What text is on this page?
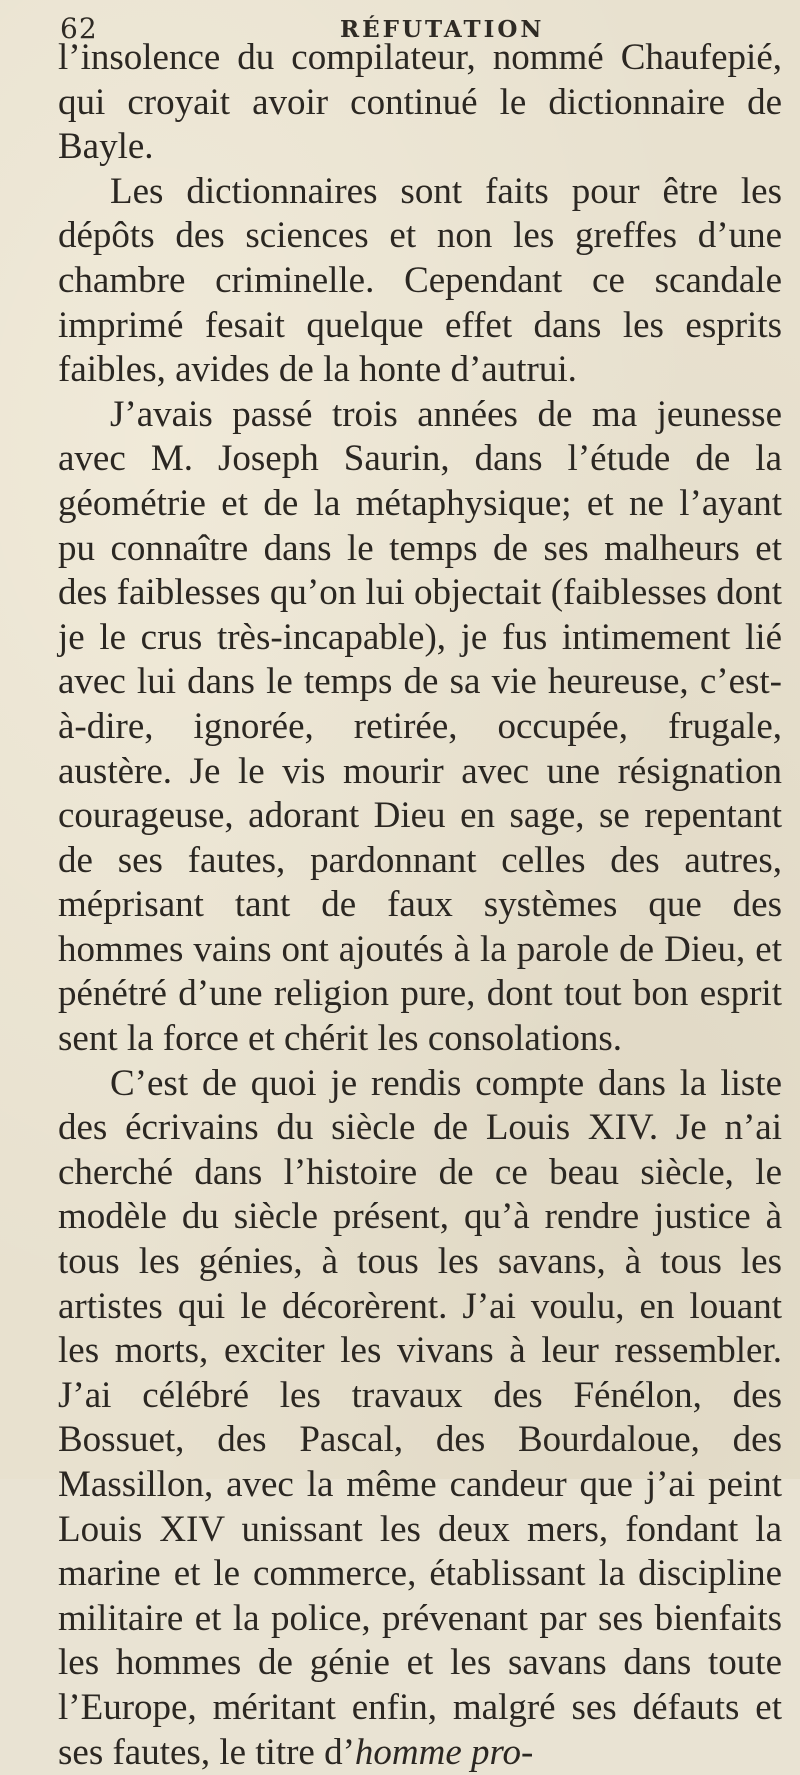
62	RÉFUTATION

l’insolence du compilateur, nommé Chaufepié, qui croyait avoir continué le dictionnaire de Bayle.

Les dictionnaires sont faits pour être les dépôts des sciences et non les greffes d’une chambre criminelle. Cependant ce scandale imprimé fesait quelque effet dans les esprits faibles, avides de la honte d’autrui.

J’avais passé trois années de ma jeunesse avec M. Joseph Saurin, dans l’étude de la géométrie et de la métaphysique; et ne l’ayant pu connaître dans le temps de ses malheurs et des faiblesses qu’on lui objectait (faiblesses dont je le crus très-incapable), je fus intimement lié avec lui dans le temps de sa vie heureuse, c’est-à-dire, ignorée, retirée, occupée, frugale, austère. Je le vis mourir avec une résignation courageuse, adorant Dieu en sage, se repentant de ses fautes, pardonnant celles des autres, méprisant tant de faux systèmes que des hommes vains ont ajoutés à la parole de Dieu, et pénétré d’une religion pure, dont tout bon esprit sent la force et chérit les consolations.

C’est de quoi je rendis compte dans la liste des écrivains du siècle de Louis XIV. Je n’ai cherché dans l’histoire de ce beau siècle, le modèle du siècle présent, qu’à rendre justice à tous les génies, à tous les savans, à tous les artistes qui le décorèrent. J’ai voulu, en louant les morts, exciter les vivans à leur ressembler. J’ai célébré les travaux des Fénélon, des Bossuet, des Pascal, des Bourdaloue, des Massillon, avec la même candeur que j’ai peint Louis XIV unissant les deux mers, fondant la marine et le commerce, établissant la discipline militaire et la police, prévenant par ses bienfaits les hommes de génie et les savans dans toute l’Europe, méritant enfin, malgré ses défauts et ses fautes, le titre d’homme pro-
